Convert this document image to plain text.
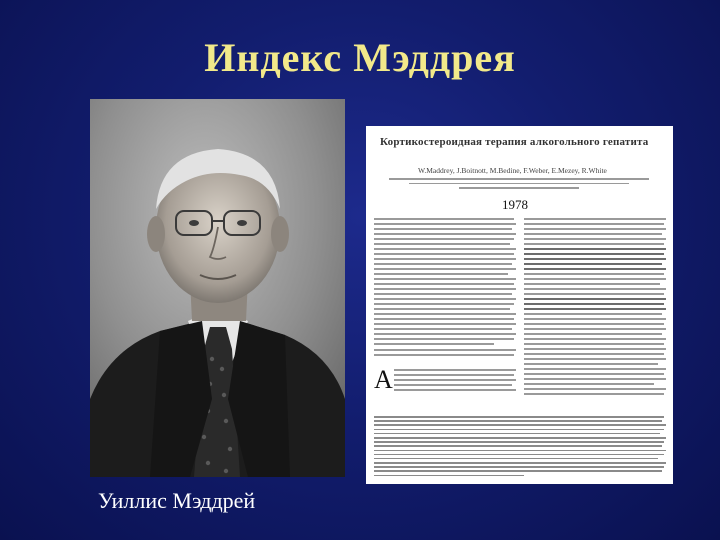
Индекс Мэддрея
Уиллис Мэддрей
Кортикостероидная терапия алкогольного гепатита
W.Maddrey, J.Boitnott, M.Bedine, F.Weber, E.Mezey, R.White
1978
А
